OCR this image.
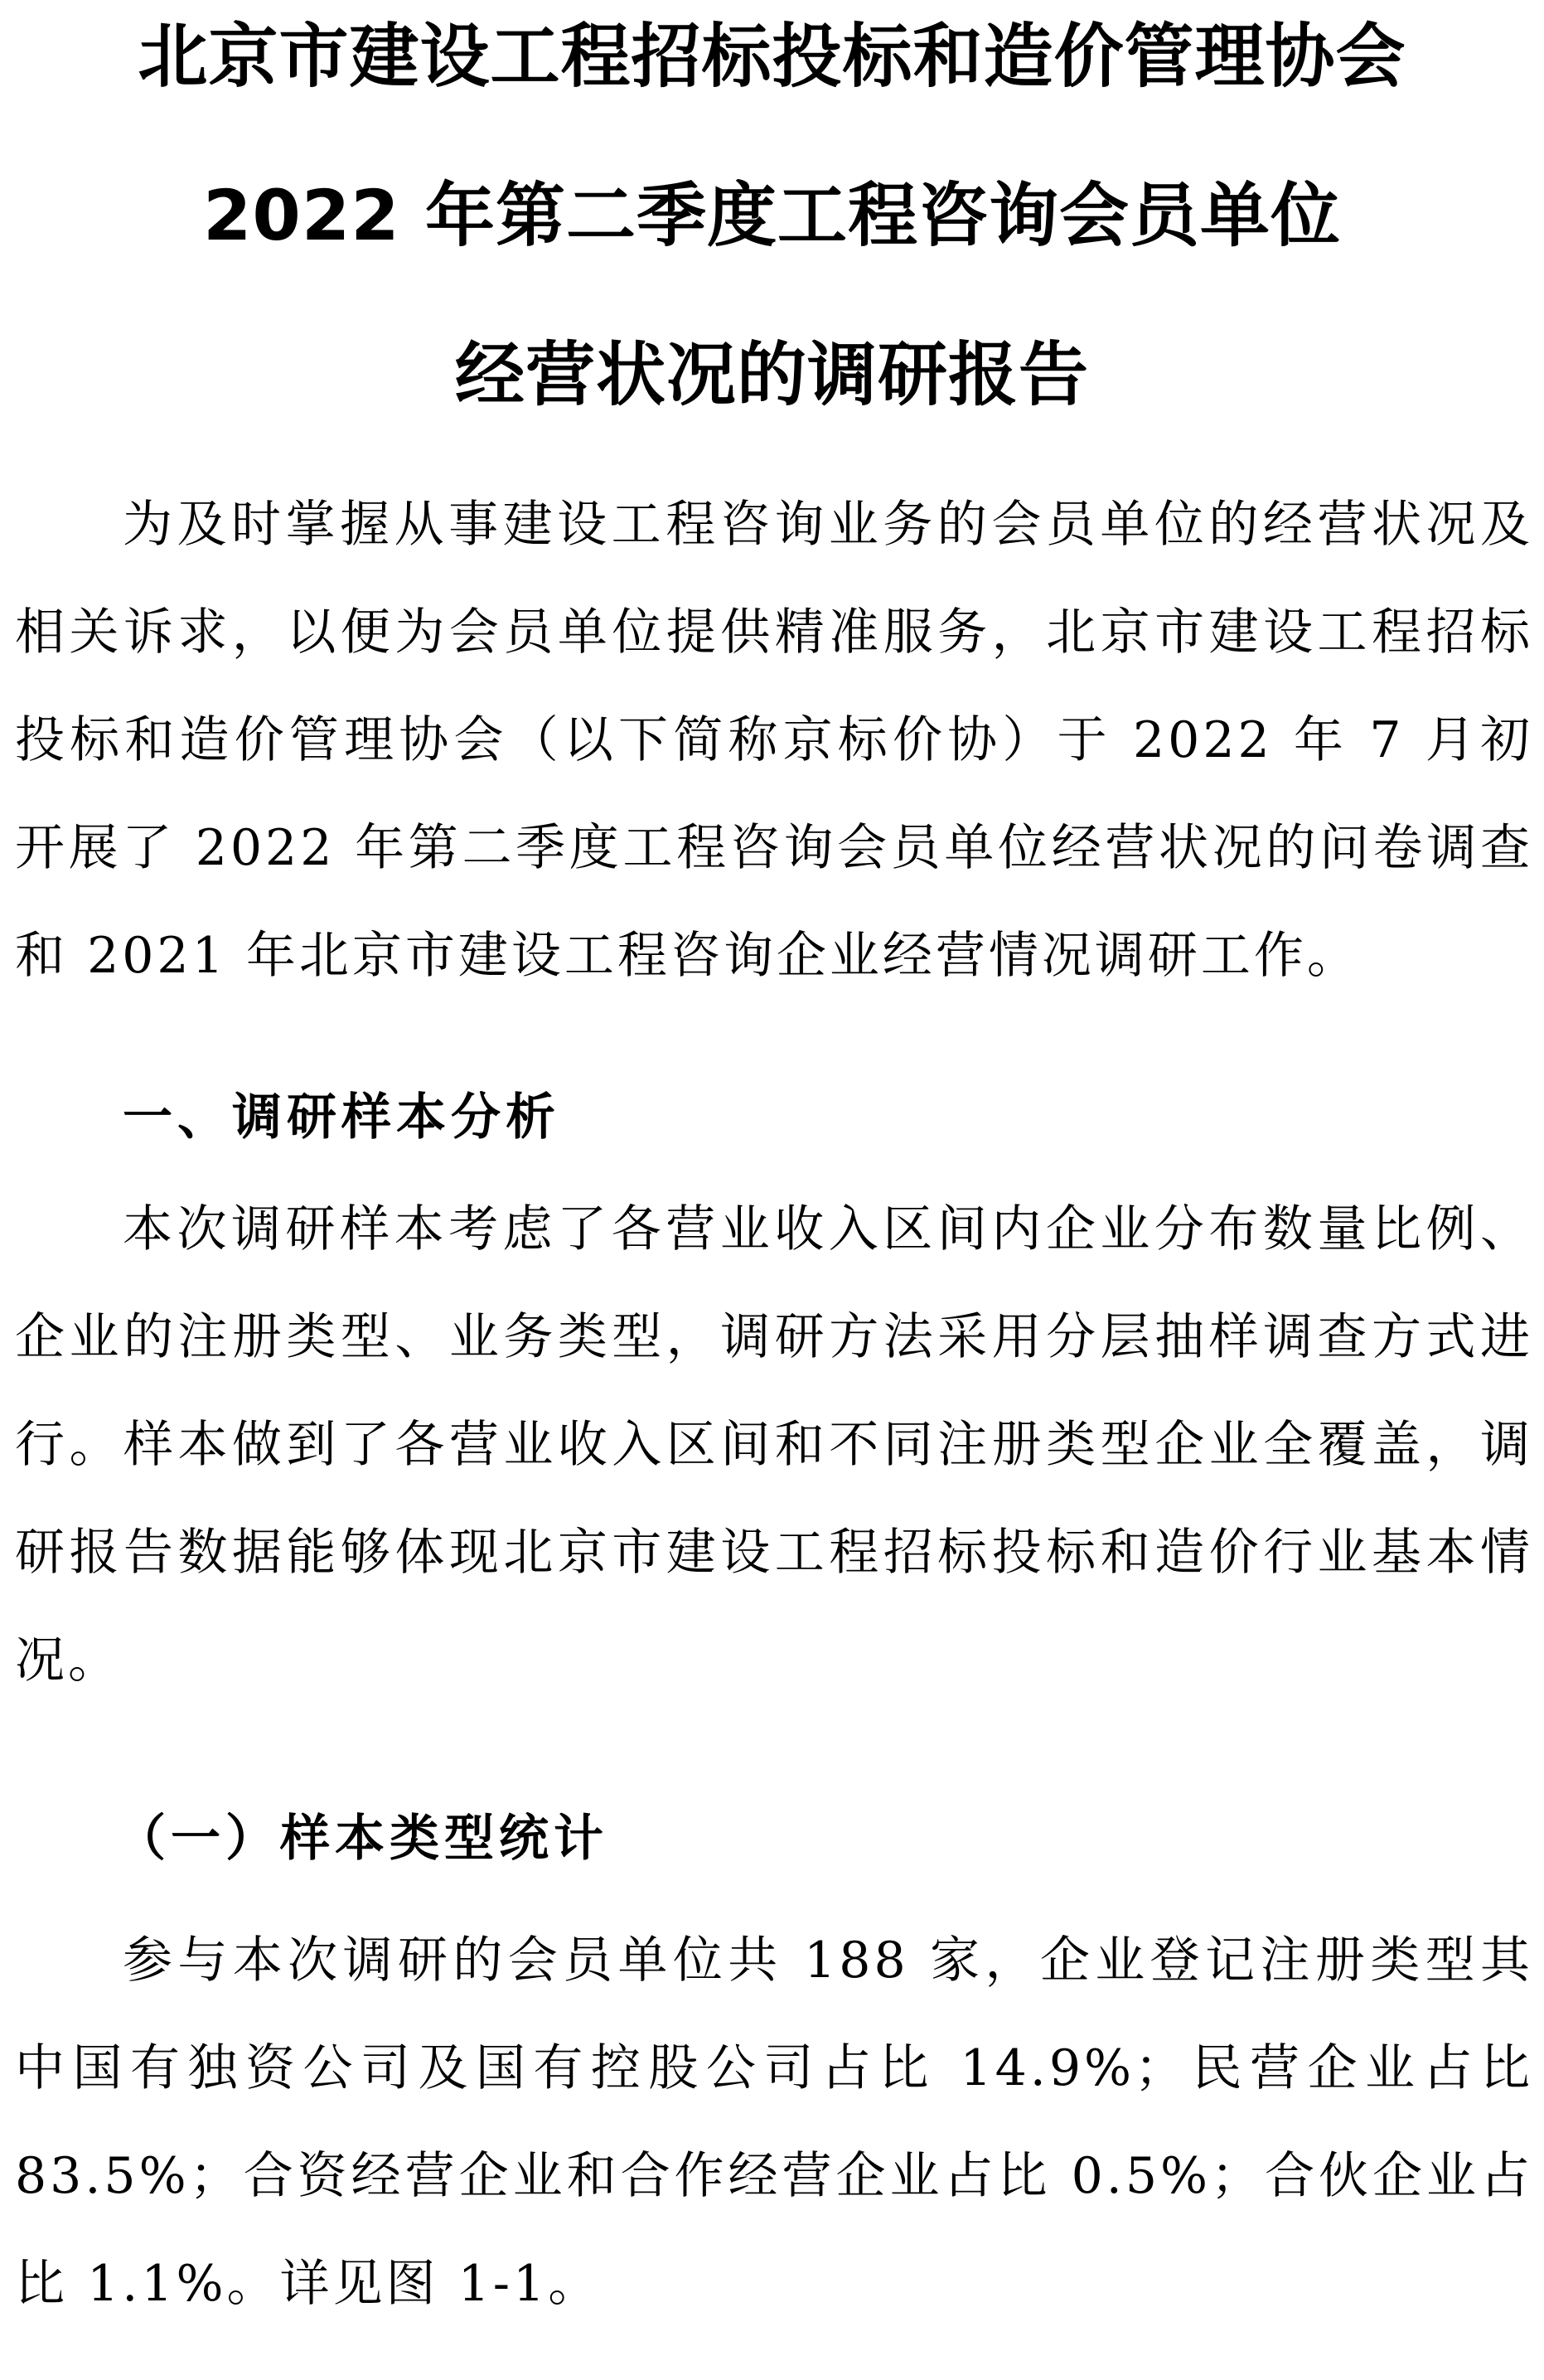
北京市建设工程招标投标和造价管理协会
2022 年第二季度工程咨询会员单位
经营状况的调研报告

为及时掌握从事建设工程咨询业务的会员单位的经营状况及相关诉求，以便为会员单位提供精准服务，北京市建设工程招标投标和造价管理协会（以下简称京标价协）于 2022 年 7 月初开展了 2022 年第二季度工程咨询会员单位经营状况的问卷调查和 2021 年北京市建设工程咨询企业经营情况调研工作。

一、调研样本分析

本次调研样本考虑了各营业收入区间内企业分布数量比例、企业的注册类型、业务类型，调研方法采用分层抽样调查方式进行。样本做到了各营业收入区间和不同注册类型企业全覆盖，调研报告数据能够体现北京市建设工程招标投标和造价行业基本情况。

（一）样本类型统计

参与本次调研的会员单位共 188 家，企业登记注册类型其中国有独资公司及国有控股公司占比 14.9%；民营企业占比 83.5%；合资经营企业和合作经营企业占比 0.5%；合伙企业占比 1.1%。详见图 1-1。
